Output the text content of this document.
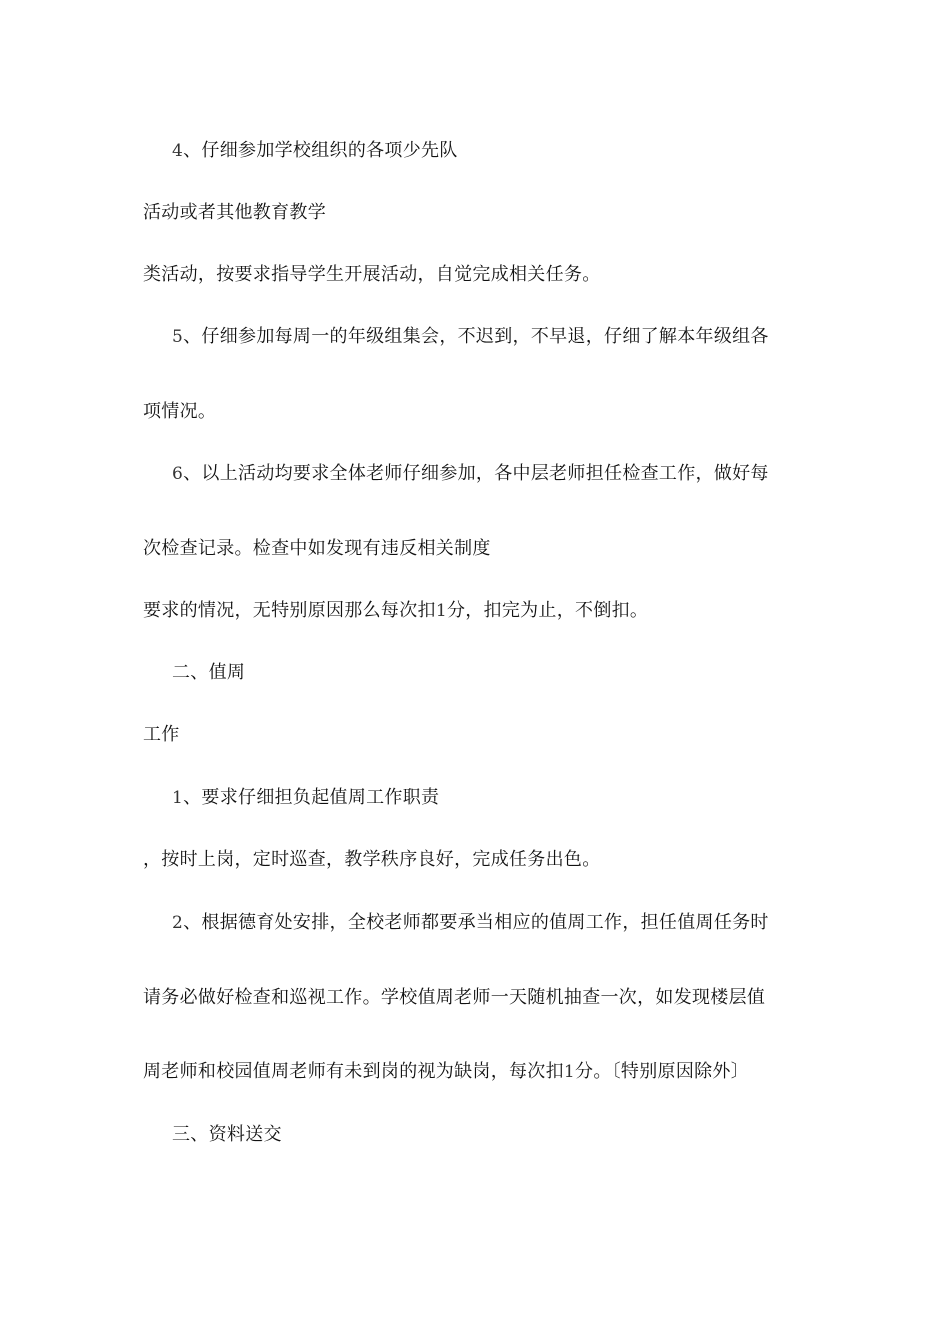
4、仔细参加学校组织的各项少先队
活动或者其他教育教学
类活动，按要求指导学生开展活动，自觉完成相关任务。
5、仔细参加每周一的年级组集会，不迟到，不早退，仔细了解本年级组各
项情况。
6、以上活动均要求全体老师仔细参加，各中层老师担任检查工作，做好每
次检查记录。检查中如发现有违反相关制度
要求的情况，无特别原因那么每次扣1分，扣完为止，不倒扣。
二、值周
工作
1、要求仔细担负起值周工作职责
，按时上岗，定时巡查，教学秩序良好，完成任务出色。
2、根据德育处安排，全校老师都要承当相应的值周工作，担任值周任务时
请务必做好检查和巡视工作。学校值周老师一天随机抽查一次，如发现楼层值
周老师和校园值周老师有未到岗的视为缺岗，每次扣1分。〔特别原因除外〕
三、资料送交
